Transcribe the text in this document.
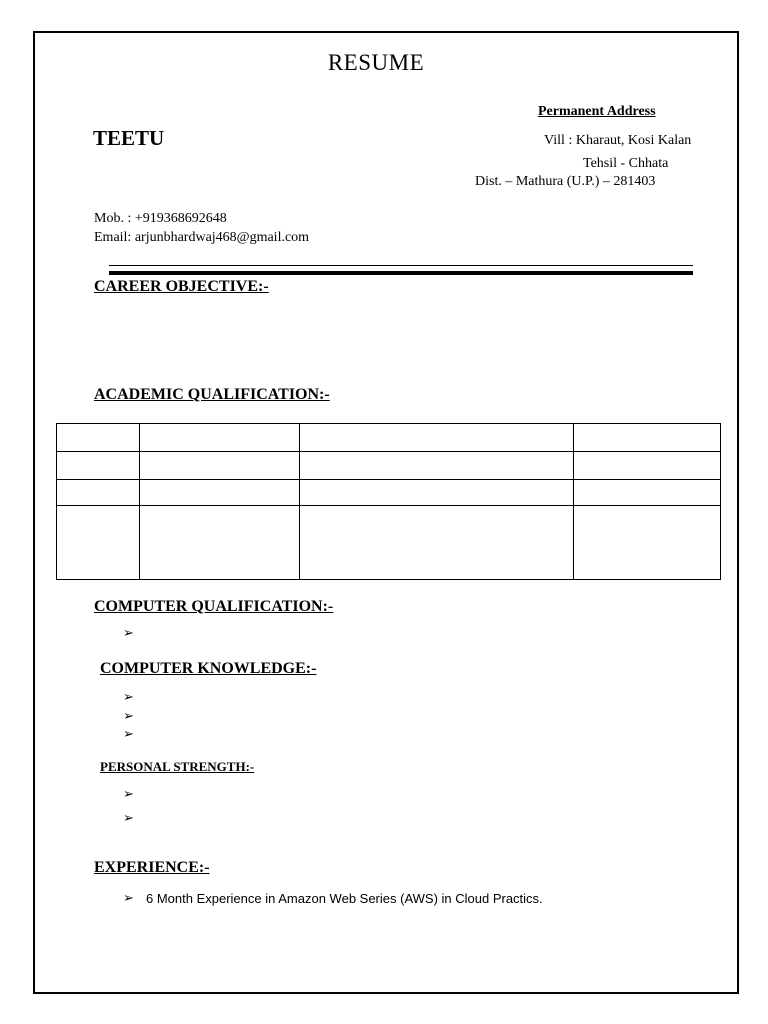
RESUME
TEETU
Permanent Address
Vill : Kharaut, Kosi Kalan
Tehsil - Chhata
Dist. – Mathura (U.P.) – 281403
Mob. : +919368692648
Email: arjunbhardwaj468@gmail.com
CAREER OBJECTIVE:-
ACADEMIC QUALIFICATION:-

COMPUTER QUALIFICATION:-
➢
COMPUTER KNOWLEDGE:-
➢
➢
➢
PERSONAL STRENGTH:-
➢
➢
EXPERIENCE:-
➢ 6 Month Experience in Amazon Web Series (AWS) in Cloud Practics.
